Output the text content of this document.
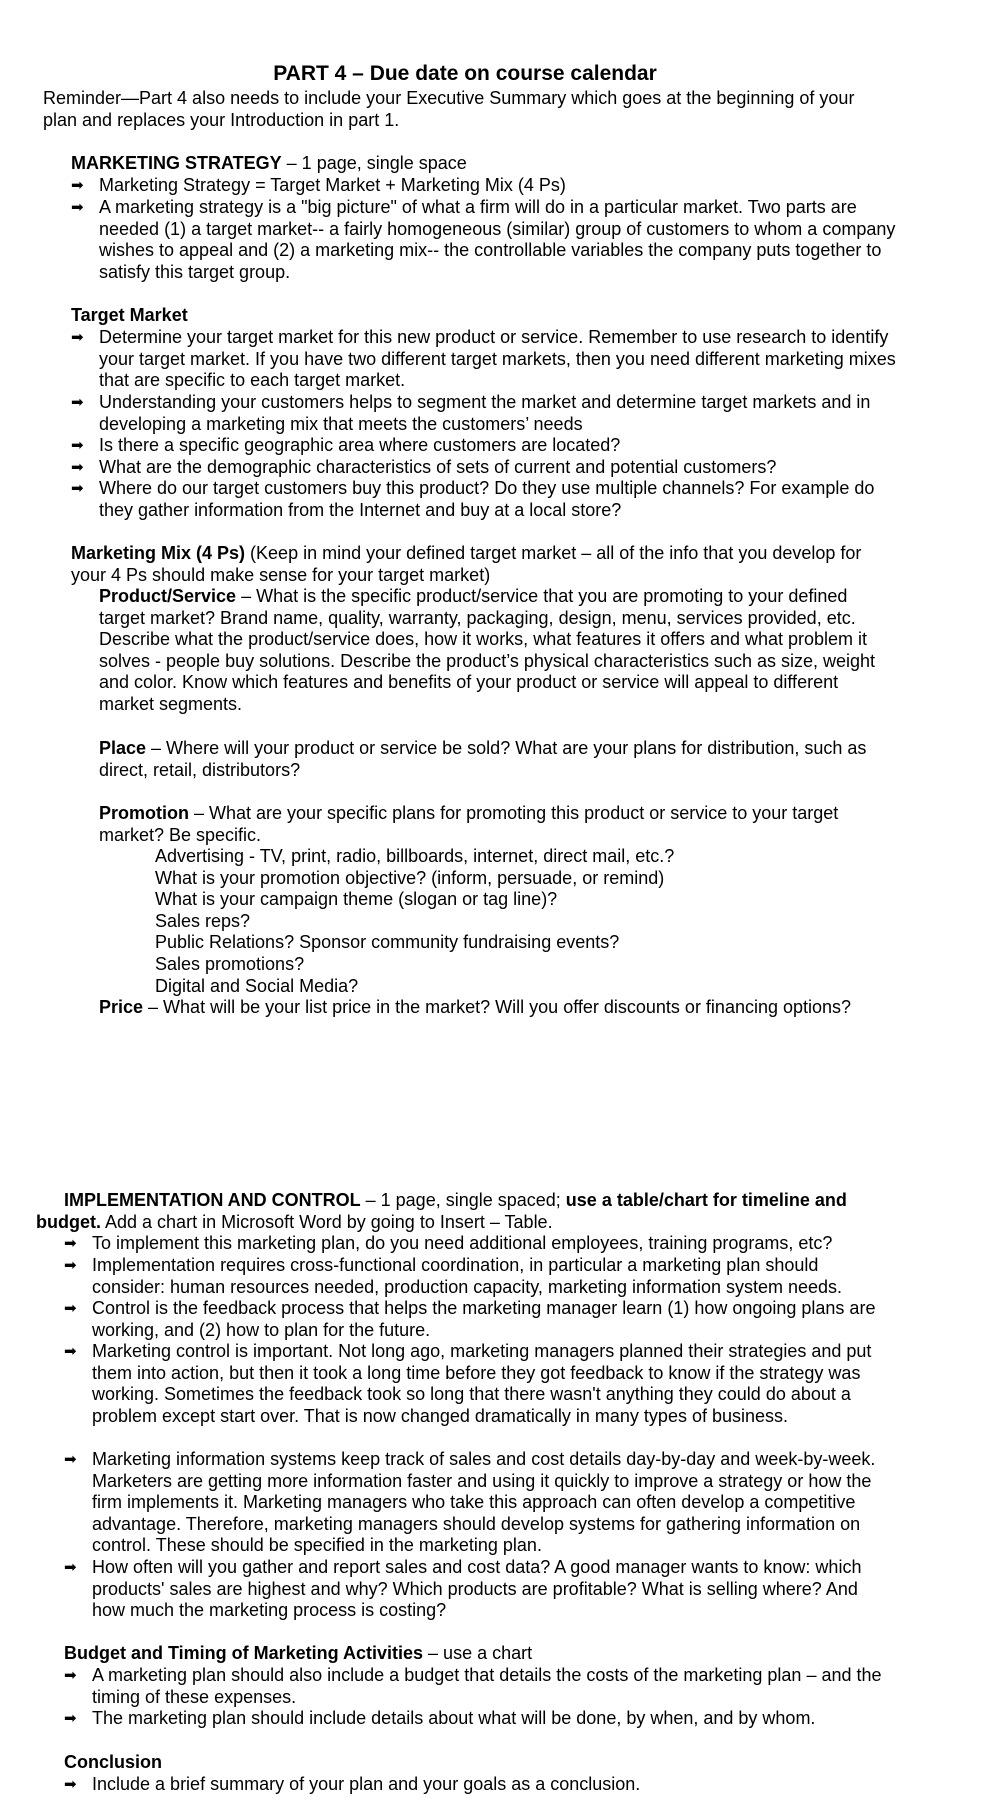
PART 4 – Due date on course calendar
Reminder—Part 4 also needs to include your Executive Summary which goes at the beginning of your plan and replaces your Introduction in part 1.
MARKETING STRATEGY – 1 page, single space
➡ Marketing Strategy = Target Market + Marketing Mix (4 Ps)
➡ A marketing strategy is a "big picture" of what a firm will do in a particular market. Two parts are needed (1) a target market-- a fairly homogeneous (similar) group of customers to whom a company wishes to appeal and (2) a marketing mix-- the controllable variables the company puts together to satisfy this target group.
Target Market
➡ Determine your target market for this new product or service. Remember to use research to identify your target market. If you have two different target markets, then you need different marketing mixes that are specific to each target market.
➡ Understanding your customers helps to segment the market and determine target markets and in developing a marketing mix that meets the customers’ needs
➡ Is there a specific geographic area where customers are located?
➡ What are the demographic characteristics of sets of current and potential customers?
➡ Where do our target customers buy this product? Do they use multiple channels? For example do they gather information from the Internet and buy at a local store?
Marketing Mix (4 Ps) (Keep in mind your defined target market – all of the info that you develop for your 4 Ps should make sense for your target market)
Product/Service – What is the specific product/service that you are promoting to your defined target market? Brand name, quality, warranty, packaging, design, menu, services provided, etc. Describe what the product/service does, how it works, what features it offers and what problem it solves - people buy solutions. Describe the product’s physical characteristics such as size, weight and color. Know which features and benefits of your product or service will appeal to different market segments.
Place – Where will your product or service be sold? What are your plans for distribution, such as direct, retail, distributors?
Promotion – What are your specific plans for promoting this product or service to your target market? Be specific.
Advertising - TV, print, radio, billboards, internet, direct mail, etc.?
What is your promotion objective? (inform, persuade, or remind)
What is your campaign theme (slogan or tag line)?
Sales reps?
Public Relations? Sponsor community fundraising events?
Sales promotions?
Digital and Social Media?
Price – What will be your list price in the market? Will you offer discounts or financing options?
IMPLEMENTATION AND CONTROL – 1 page, single spaced; use a table/chart for timeline and budget. Add a chart in Microsoft Word by going to Insert – Table.
➡ To implement this marketing plan, do you need additional employees, training programs, etc?
➡ Implementation requires cross-functional coordination, in particular a marketing plan should consider: human resources needed, production capacity, marketing information system needs.
➡ Control is the feedback process that helps the marketing manager learn (1) how ongoing plans are working, and (2) how to plan for the future.
➡ Marketing control is important. Not long ago, marketing managers planned their strategies and put them into action, but then it took a long time before they got feedback to know if the strategy was working. Sometimes the feedback took so long that there wasn't anything they could do about a problem except start over. That is now changed dramatically in many types of business.
➡ Marketing information systems keep track of sales and cost details day-by-day and week-by-week. Marketers are getting more information faster and using it quickly to improve a strategy or how the firm implements it. Marketing managers who take this approach can often develop a competitive advantage. Therefore, marketing managers should develop systems for gathering information on control. These should be specified in the marketing plan.
➡ How often will you gather and report sales and cost data? A good manager wants to know: which products' sales are highest and why? Which products are profitable? What is selling where? And how much the marketing process is costing?
Budget and Timing of Marketing Activities – use a chart
➡ A marketing plan should also include a budget that details the costs of the marketing plan – and the timing of these expenses.
➡ The marketing plan should include details about what will be done, by when, and by whom.
Conclusion
➡ Include a brief summary of your plan and your goals as a conclusion.
